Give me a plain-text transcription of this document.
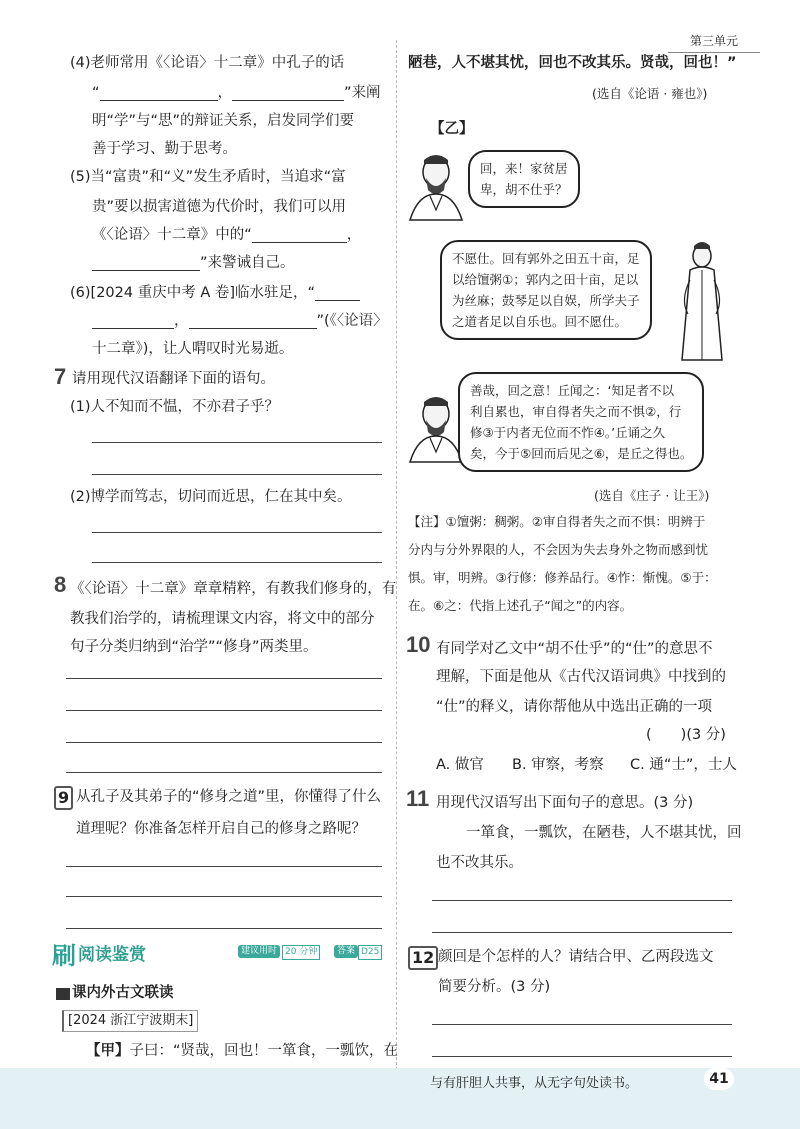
第三单元
(4)老师常用《〈论语〉十二章》中孔子的话
“	，	”来阐
明“学”与“思”的辩证关系，启发同学们要
善于学习、勤于思考。
(5)当“富贵”和“义”发生矛盾时，当追求“富
贵”要以损害道德为代价时，我们可以用
《〈论语〉十二章》中的“	，
”来警诫自己。
(6)[2024 重庆中考 A 卷]临水驻足，“
，	”(《〈论语〉
十二章》)，让人喟叹时光易逝。
7 请用现代汉语翻译下面的语句。
(1)人不知而不愠，不亦君子乎？
(2)博学而笃志，切问而近思，仁在其中矣。
8 《〈论语〉十二章》章章精粹，有教我们修身的，有
教我们治学的，请梳理课文内容，将文中的部分
句子分类归纳到“治学”“修身”两类里。
9 从孔子及其弟子的“修身之道”里，你懂得了什么
道理呢？你准备怎样开启自己的修身之路呢？
刷 阅读鉴赏	建议用时 20 分钟	答案 D25
课内外古文联读
[2024 浙江宁波期末]
【甲】子曰：“贤哉，回也！一箪食，一瓢饮，在
陋巷，人不堪其忧，回也不改其乐。贤哉，回也！”
(选自《论语 · 雍也》)
【乙】
回，来！家贫居
卑，胡不仕乎？
不愿仕。回有郭外之田五十亩，足
以给𫗴粥①；郭内之田十亩，足以
为丝麻；鼓琴足以自娱，所学夫子
之道者足以自乐也。回不愿仕。
善哉，回之意！丘闻之：‘知足者不以
利自累也，审自得者失之而不惧②，行
修③于内者无位而不怍④。’丘诵之久
矣，今于⑤回而后见之⑥，是丘之得也。
(选自《庄子 · 让王》)
【注】①𫗴粥：稠粥。②审自得者失之而不惧：明辨于
分内与分外界限的人，不会因为失去身外之物而感到忧
惧。审，明辨。③行修：修养品行。④怍：惭愧。⑤于：
在。⑥之：代指上述孔子“闻之”的内容。
10 有同学对乙文中“胡不仕乎”的“仕”的意思不
理解，下面是他从《古代汉语词典》中找到的
“仕”的释义，请你帮他从中选出正确的一项
(　　)(3 分)
A. 做官 B. 审察，考察 C. 通“士”，士人
11 用现代汉语写出下面句子的意思。(3 分)
一箪食，一瓢饮，在陋巷，人不堪其忧，回
也不改其乐。
12 颜回是个怎样的人？请结合甲、乙两段选文
简要分析。(3 分)
与有肝胆人共事，从无字句处读书。	41
